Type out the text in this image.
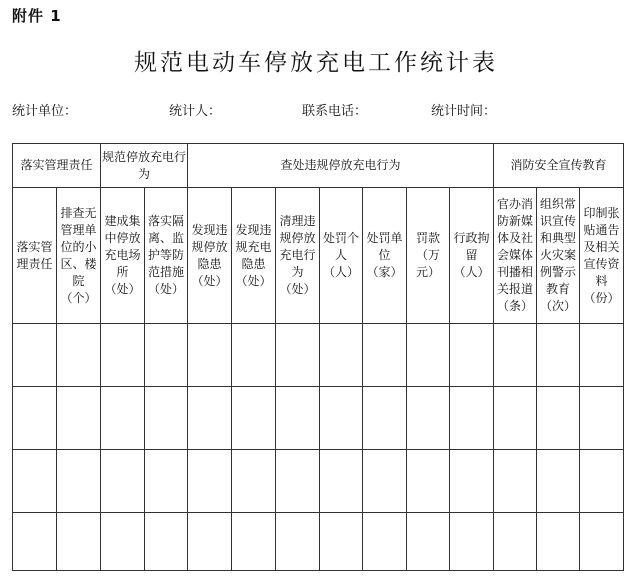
附件 1
规范电动车停放充电工作统计表
统计单位：	统计人：	联系电话：	统计时间：
落实管理责任		规范停放充电行为		查处违规停放充电行为							消防安全宣传教育		
落实管理责任	排查无管理单位的小区、楼院（个）	建成集中停放充电场所（处）	落实隔离、监护等防范措施（处）	发现违规停放隐患（处）	发现违规充电隐患（处）	清理违规停放充电行为（处）	处罚个人（人）	处罚单位（家）	罚款（万元）	行政拘留（人）	官办消防新媒体及社会媒体刊播相关报道（条）	组织常识宣传和典型火灾案例警示教育（次）	印制张贴通告及相关宣传资料（份）
